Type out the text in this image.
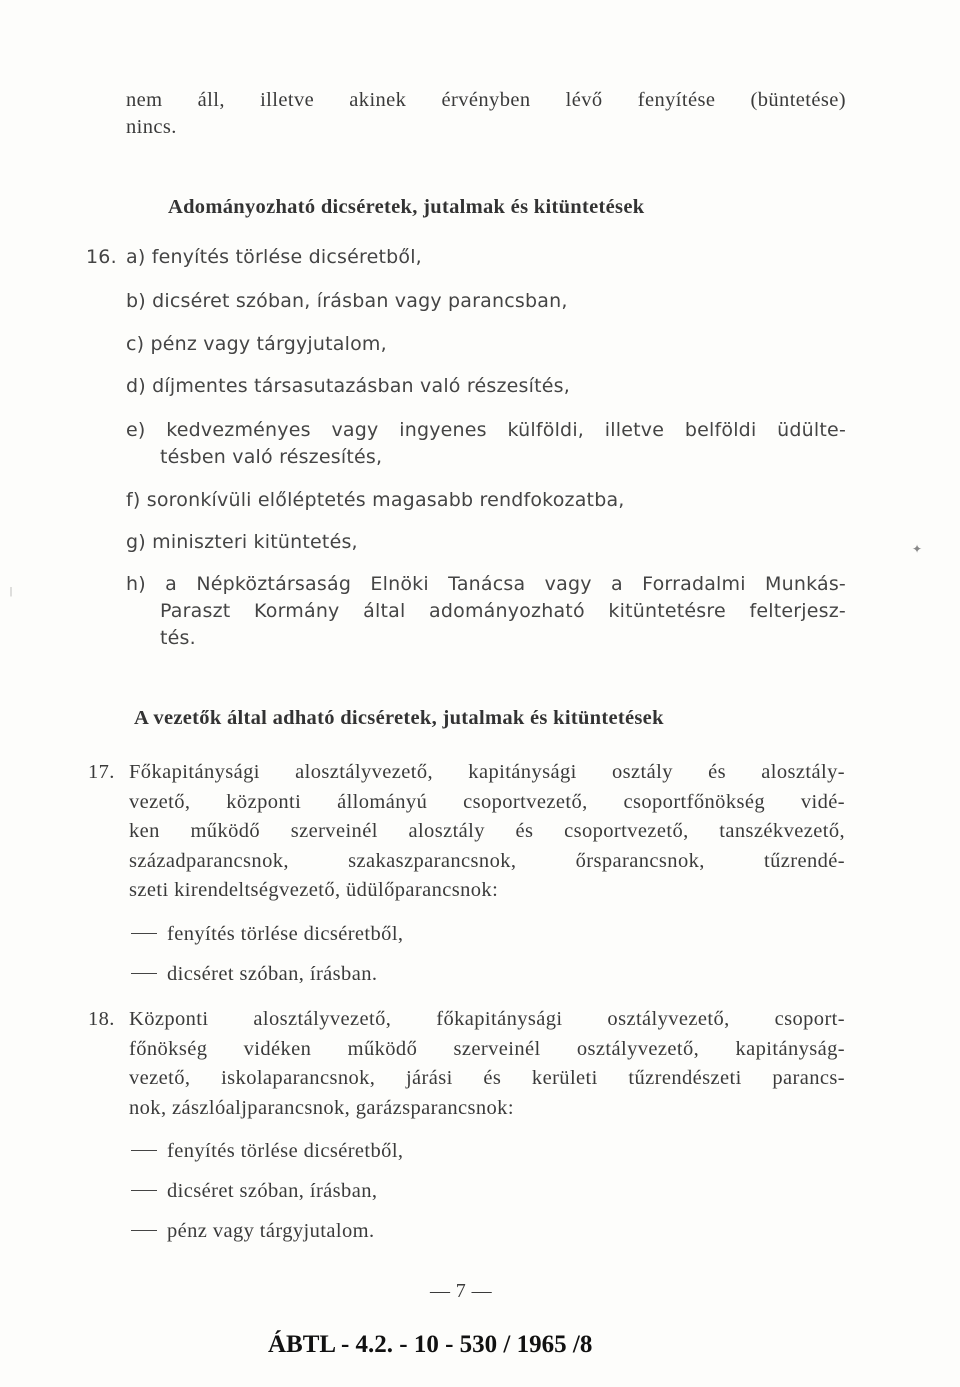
nem áll, illetve akinek érvényben lévő fenyítése (büntetése)
nincs.
Adományozható dicséretek, jutalmak és kitüntetések
16. a) fenyítés törlése dicséretből,
b) dicséret szóban, írásban vagy parancsban,
c) pénz vagy tárgyjutalom,
d) díjmentes társasutazásban való részesítés,
e) kedvezményes vagy ingyenes külföldi, illetve belföldi üdülte-
tésben való részesítés,
f) soronkívüli előléptetés magasabb rendfokozatba,
g) miniszteri kitüntetés,
h) a Népköztársaság Elnöki Tanácsa vagy a Forradalmi Munkás-
Paraszt Kormány által adományozható kitüntetésre felterjesz-
tés.
A vezetők által adható dicséretek, jutalmak és kitüntetések
17. Főkapitánysági alosztályvezető, kapitánysági osztály és alosztály-
vezető, központi állományú csoportvezető, csoportfőnökség vidé-
ken működő szerveinél alosztály és csoportvezető, tanszékvezető,
századparancsnok, szakaszparancsnok, őrsparancsnok, tűzrendé-
szeti kirendeltségvezető, üdülőparancsnok:
fenyítés törlése dicséretből,
dicséret szóban, írásban.
18. Központi alosztályvezető, főkapitánysági osztályvezető, csoport-
főnökség vidéken működő szerveinél osztályvezető, kapitányság-
vezető, iskolaparancsnok, járási és kerületi tűzrendészeti parancs-
nok, zászlóaljparancsnok, garázsparancsnok:
fenyítés törlése dicséretből,
dicséret szóban, írásban,
pénz vagy tárgyjutalom.
— 7 —
ÁBTL - 4.2. - 10 - 530 / 1965 /8
✦
|
